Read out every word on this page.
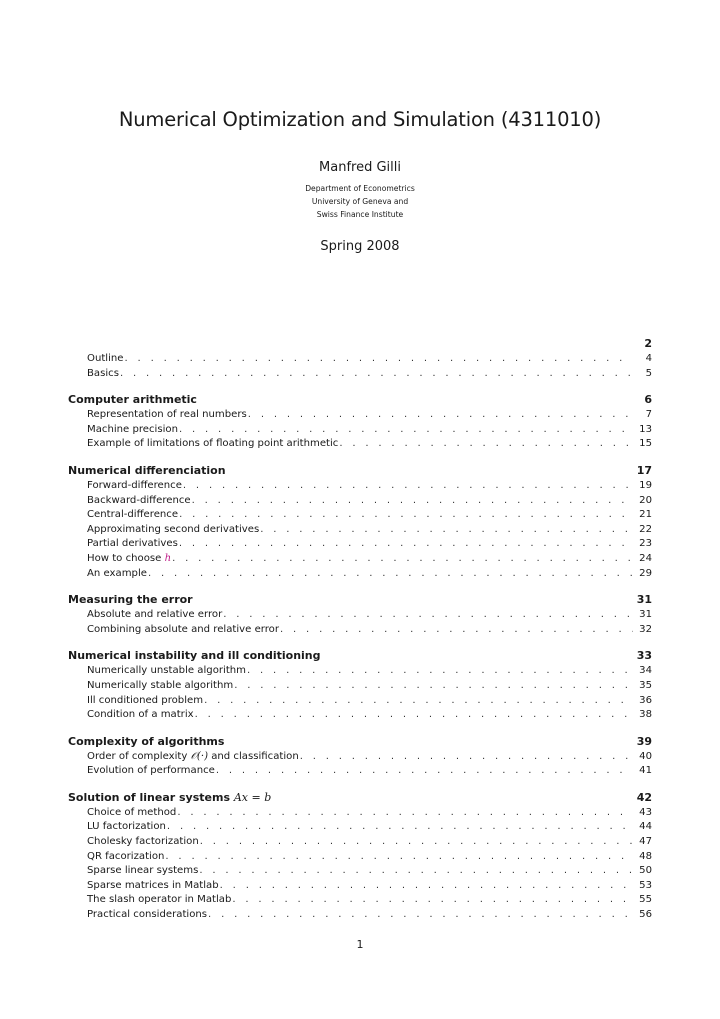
Numerical Optimization and Simulation (4311010)
Manfred Gilli
Department of Econometrics
University of Geneva and
Swiss Finance Institute
Spring 2008
2
Outline . . .	4
Basics . . .	5
Computer arithmetic	6
Representation of real numbers . . .	7
Machine precision . . .	13
Example of limitations of floating point arithmetic . . .	15
Numerical differenciation	17
Forward-difference . . .	19
Backward-difference . . .	20
Central-difference . . .	21
Approximating second derivatives . . .	22
Partial derivatives . . .	23
How to choose h . . .	24
An example . . .	29
Measuring the error	31
Absolute and relative error . . .	31
Combining absolute and relative error . . .	32
Numerical instability and ill conditioning	33
Numerically unstable algorithm . . .	34
Numerically stable algorithm . . .	35
Ill conditioned problem . . .	36
Condition of a matrix . . .	38
Complexity of algorithms	39
Order of complexity 𝒪(·) and classification . . .	40
Evolution of performance . . .	41
Solution of linear systems Ax = b	42
Choice of method . . .	43
LU factorization . . .	44
Cholesky factorization . . .	47
QR facorization . . .	48
Sparse linear systems . . .	50
Sparse matrices in Matlab . . .	53
The slash operator in Matlab . . .	55
Practical considerations . . .	56
1
